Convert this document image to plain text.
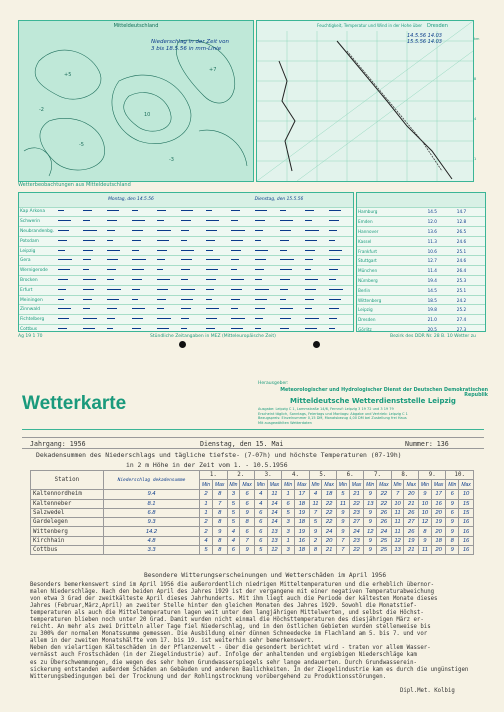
+5
10
-5
+7
-3
-2
Mitteldeutschland
Niederschlag in der Zeit von
3 bis 18.5.56 in mm-Linie
Wetterbeobachtungen aus Mitteldeutschland
Feuchtigkeit, Temperatur und Wind in der Hohe über Dresden
14.5.56 14.03
15.5.56 14.03	km
8
4
1
	Montag, den 14.5.56						Dienstag, den 15.5.56					
Kap Arkona												
Schwerin												
Neubrandenbg.												
Potsdam												
Leipzig												
Gera												
Wernigerode												
Brocken												
Erfurt												
Meiningen												
Zinnwald												
Fichtelberg												
Cottbus												

Hamburg	14.5	14.7
Emden	12.0	12.8
Hannover	13.6	26.5
Kassel	11.3	24.6
Frankfurt	10.6	25.1
Stuttgart	12.7	24.6
München	11.4	26.4
Nürnberg	19.4	25.3
Berlin	14.5	25.1
Wittenberg	18.5	24.2
Leipzig	19.8	25.2
Dresden	21.0	27.4
Görlitz	20.5	27.3

Ag 19 1 70	Stündliche Zeitangaben in MEZ (Mitteleuropäische Zeit)	Bezirk des DDR Nr. 28 B. 10 Wetter zu
Herausgeber:
Meteorologischer und Hydrologischer Dienst der Deutschen Demokratischen Republik
Wetterkarte	Mitteldeutsche Wetterdienststelle Leipzig
Ausgabe: Leipzig C 1, Lammstraße 14/6, Fernruf: Leipzig 3 19 72 und 3 19 79
Erscheint täglich, Sonntags, Feiertags und Montags: Abgabe und Vertrieb: Leipzig C 1
Bezugspreis: Einzelnummer 0,15 DM, Monatsbezug 4,00 DM bei Zustellung frei Haus
Mit ausgewählten Wetterdaten
Jahrgang: 1956	Dienstag, den 15. Mai	Nummer: 136
Dekadensummen des Niederschlags und tägliche tiefste- (7-07h) und höchste Temperaturen (07-19h)
in 2 m Höhe in der Zeit vom 1. - 10.5.1956
Station	Niederschlag dekadensumme	1.		2.		3.		4.		5.		6.		7.		8.		9.		10.	
		Min	Max	Min	Max	Min	Max	Min	Max	Min	Max	Min	Max	Min	Max	Min	Max	Min	Max	Min	Max
Kaltennordheim	9.4	2	8	3	6	4	11	1	17	4	18	5	21	9	22	7	20	9	17	6	10
Kaltenneber	8.1	1	7	5	6	4	14	6	18	11	22	11	22	13	22	10	21	10	16	9	15
Salzwedel	6.8	1	8	5	9	6	14	5	19	7	22	9	23	9	26	11	26	10	20	6	15
Gardelegen	9.3	2	8	5	8	6	14	3	18	5	22	9	27	9	26	11	27	12	19	9	16
Wittenberg	14.2	2	9	4	6	6	13	3	19	9	24	9	24	12	24	11	26	8	20	9	16
Kirchhain	4.8	4	8	4	7	6	13	1	16	2	20	7	23	9	25	12	19	9	18	8	16
Cottbus	3.3	5	8	6	9	5	12	3	18	8	21	7	22	9	25	13	21	11	20	9	16
Besondere Witterungserscheinungen und Wetterschäden im April 1956
Besonders bemerkenswert sind im April 1956 die außerordentlich niedrigen Mitteltemperaturen und die erheblich übernor-
malen Niederschläge. Nach den beiden April des Jahres 1929 ist der vergangene mit einer negativen Temperaturabweichung
von etwa 3 Grad der zweitkälteste April dieses Jahrhunderts. Mit ihm liegt auch die Periode der kältesten Monate dieses
Jahres (Februar,März,April) an zweiter Stelle hinter den gleichen Monaten des Jahres 1929. Sowohl die Monatstief-
temperaturen als auch die Mitteltemperaturen lagen weit unter den langjährigen Mittelwerten, und selbst die Höchst-
temperaturen blieben noch unter 20 Grad. Damit wurden nicht einmal die Höchsttemperaturen des diesjährigen März er-
reicht. An mehr als zwei Dritteln aller Tage fiel Niederschlag, und in den östlichen Gebieten wurden stellenweise bis
zu 300% der normalen Monatssumme gemessen. Die Ausbildung einer dünnen Schneedecke im Flachland am 5. bis 7. und vor
allem in der zweiten Monatshälfte vom 17. bis 19. ist weiterhin sehr bemerkenswert.
Neben den vielartigen Kälteschäden in der Pflanzenwelt - über die gesondert berichtet wird - traten vor allem Wasser-
vernässt auch Frostschäden (in der Ziegelindustrie) auf. Infolge der anhaltenden und ergiebigen Niederschläge kam
es zu Überschwemmungen, die wegen des sehr hohen Grundwasserspiegels sehr lange andauerten. Durch Grundwasserein-
sickerung entstanden außerdem Schäden an Gebäuden und anderen Baulichkeiten. In der Ziegelindustrie kam es durch die ungünstigen
Witterungsbedingungen bei der Trocknung und der Rohlingstrocknung vorübergehend zu Produktionsstörungen.
Dipl.Met. Kolbig
